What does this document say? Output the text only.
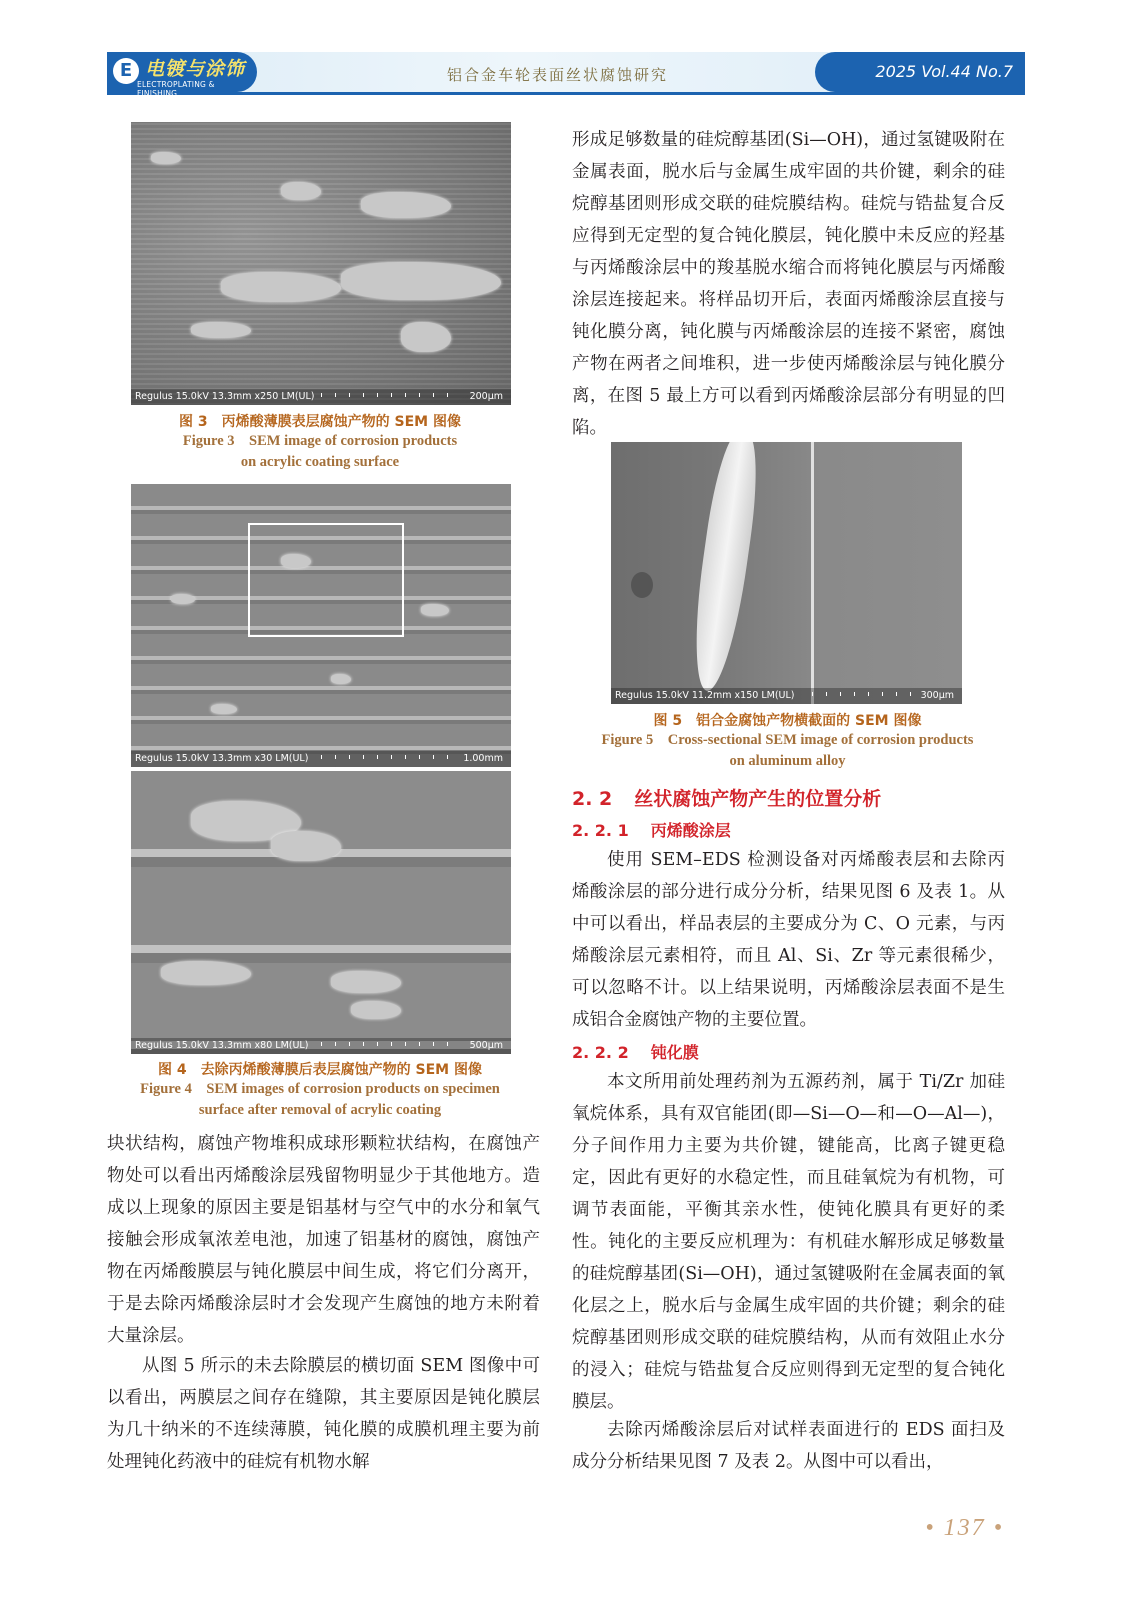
E 电镀与涂饰
ELECTROPLATING & FINISHING
铝合金车轮表面丝状腐蚀研究	2025 Vol.44 No.7
Regulus 15.0kV 13.3mm x250 LM(UL)	200μm
图 3　丙烯酸薄膜表层腐蚀产物的 SEM 图像
Figure 3　SEM image of corrosion products
on acrylic coating surface
Regulus 15.0kV 13.3mm x30 LM(UL)	1.00mm
Regulus 15.0kV 13.3mm x80 LM(UL)	500μm
图 4　去除丙烯酸薄膜后表层腐蚀产物的 SEM 图像
Figure 4　SEM images of corrosion products on specimen
surface after removal of acrylic coating

块状结构，腐蚀产物堆积成球形颗粒状结构，在腐蚀产物处可以看出丙烯酸涂层残留物明显少于其他地方。造成以上现象的原因主要是铝基材与空气中的水分和氧气接触会形成氧浓差电池，加速了铝基材的腐蚀，腐蚀产物在丙烯酸膜层与钝化膜层中间生成，将它们分离开，于是去除丙烯酸涂层时才会发现产生腐蚀的地方未附着大量涂层。

从图 5 所示的未去除膜层的横切面 SEM 图像中可以看出，两膜层之间存在缝隙，其主要原因是钝化膜层为几十纳米的不连续薄膜，钝化膜的成膜机理主要为前处理钝化药液中的硅烷有机物水解

形成足够数量的硅烷醇基团(Si—OH)，通过氢键吸附在金属表面，脱水后与金属生成牢固的共价键，剩余的硅烷醇基团则形成交联的硅烷膜结构。硅烷与锆盐复合反应得到无定型的复合钝化膜层，钝化膜中未反应的羟基与丙烯酸涂层中的羧基脱水缩合而将钝化膜层与丙烯酸涂层连接起来。将样品切开后，表面丙烯酸涂层直接与钝化膜分离，钝化膜与丙烯酸涂层的连接不紧密，腐蚀产物在两者之间堆积，进一步使丙烯酸涂层与钝化膜分离，在图 5 最上方可以看到丙烯酸涂层部分有明显的凹陷。

Regulus 15.0kV 11.2mm x150 LM(UL)	300μm
图 5　铝合金腐蚀产物横截面的 SEM 图像
Figure 5　Cross-sectional SEM image of corrosion products
on aluminum alloy
2. 2 丝状腐蚀产物产生的位置分析
2. 2. 1 丙烯酸涂层

使用 SEM–EDS 检测设备对丙烯酸表层和去除丙烯酸涂层的部分进行成分分析，结果见图 6 及表 1。从中可以看出，样品表层的主要成分为 C、O 元素，与丙烯酸涂层元素相符，而且 Al、Si、Zr 等元素很稀少，可以忽略不计。以上结果说明，丙烯酸涂层表面不是生成铝合金腐蚀产物的主要位置。

2. 2. 2 钝化膜

本文所用前处理药剂为五源药剂，属于 Ti/Zr 加硅氧烷体系，具有双官能团(即—Si—O—和—O—Al—)，分子间作用力主要为共价键，键能高，比离子键更稳定，因此有更好的水稳定性，而且硅氧烷为有机物，可调节表面能，平衡其亲水性，使钝化膜具有更好的柔性。钝化的主要反应机理为：有机硅水解形成足够数量的硅烷醇基团(Si—OH)，通过氢键吸附在金属表面的氧化层之上，脱水后与金属生成牢固的共价键；剩余的硅烷醇基团则形成交联的硅烷膜结构，从而有效阻止水分的浸入；硅烷与锆盐复合反应则得到无定型的复合钝化膜层。

去除丙烯酸涂层后对试样表面进行的 EDS 面扫及成分分析结果见图 7 及表 2。从图中可以看出，

• 137 •
